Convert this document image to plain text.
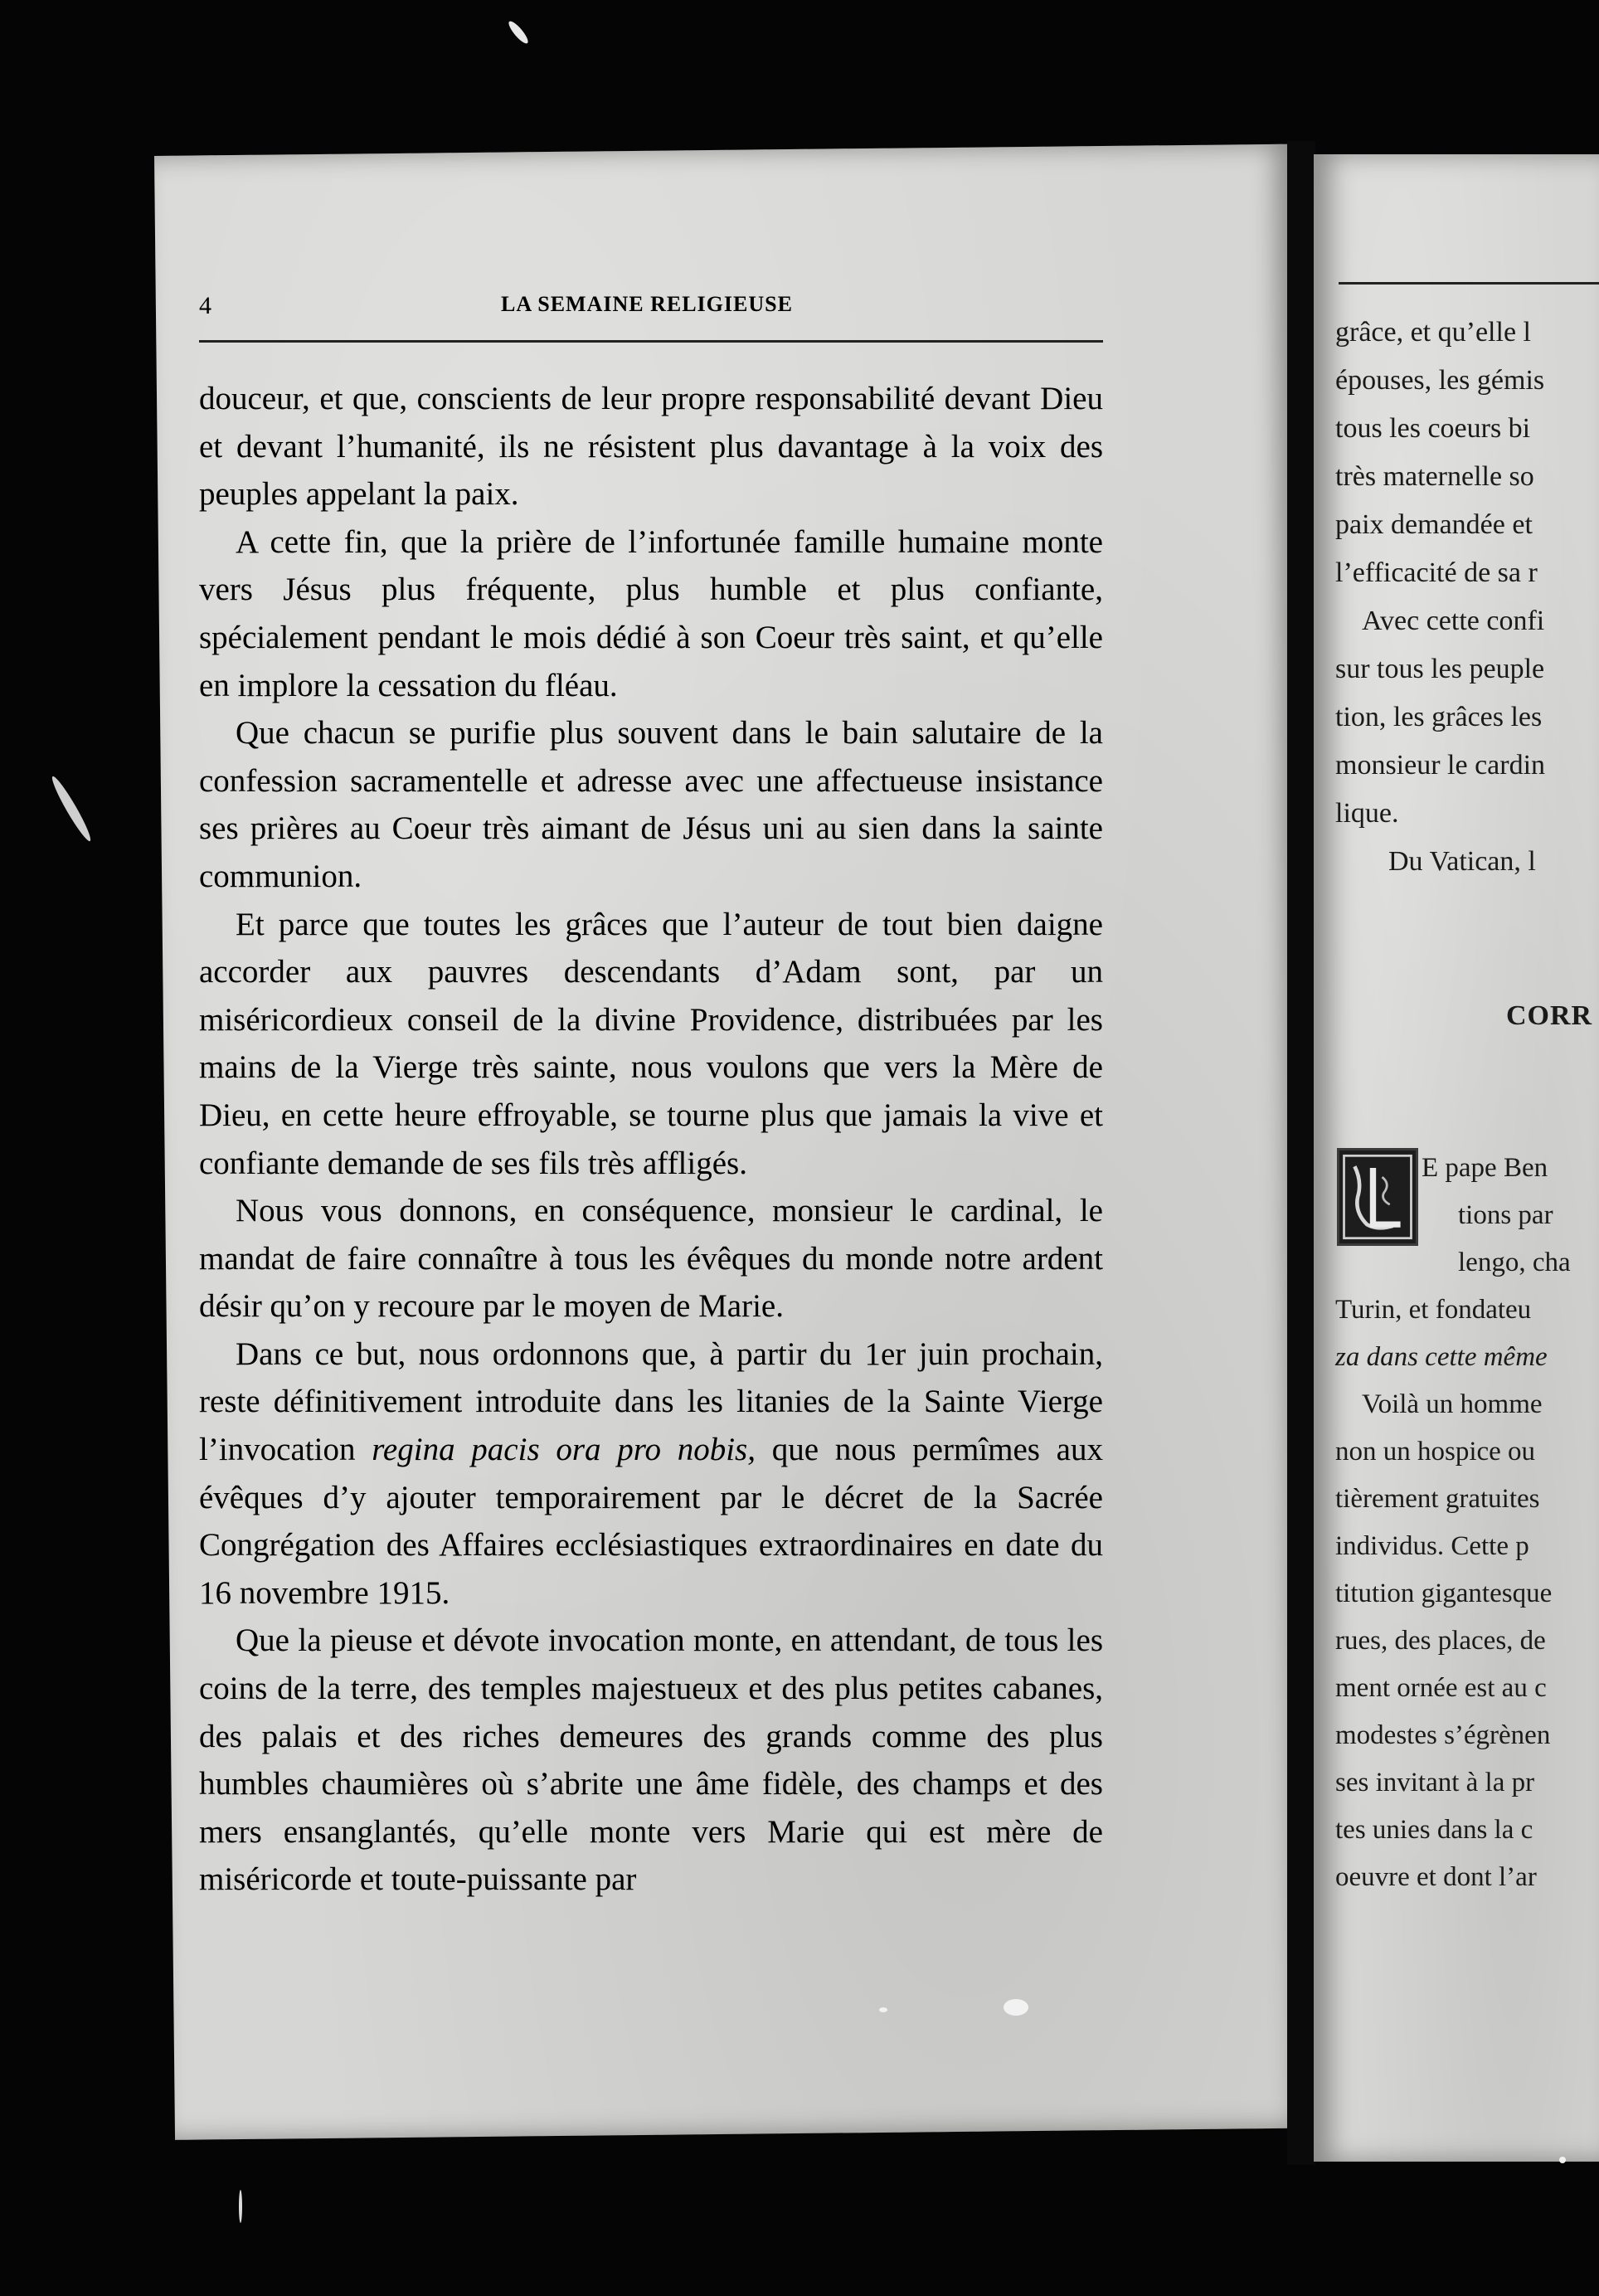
grâce, et qu’elle l
épouses, les gémis
tous les coeurs bi
très maternelle so
paix demandée et
l’efficacité de sa r
Avec cette confi
sur tous les peuple
tion, les grâces les
monsieur le cardin
lique.
Du Vatican, l
CORR
L
E pape Ben
tions par
lengo, cha
Turin, et fondateu
za dans cette même
Voilà un homme
non un hospice ou
tièrement gratuites
individus. Cette p
titution gigantesque
rues, des places, de
ment ornée est au c
modestes s’égrènen
ses invitant à la pr
tes unies dans la c
oeuvre et dont l’ar
4	LA SEMAINE RELIGIEUSE

douceur, et que, conscients de leur propre responsabilité devant Dieu et devant l’humanité, ils ne résistent plus davantage à la voix des peuples appelant la paix.

A cette fin, que la prière de l’infortunée famille humaine monte vers Jésus plus fréquente, plus humble et plus confiante, spécialement pendant le mois dédié à son Coeur très saint, et qu’elle en implore la cessation du fléau.

Que chacun se purifie plus souvent dans le bain salutaire de la confession sacramentelle et adresse avec une affectueuse insistance ses prières au Coeur très aimant de Jésus uni au sien dans la sainte communion.

Et parce que toutes les grâces que l’auteur de tout bien daigne accorder aux pauvres descendants d’Adam sont, par un miséricordieux conseil de la divine Providence, distribuées par les mains de la Vierge très sainte, nous voulons que vers la Mère de Dieu, en cette heure effroyable, se tourne plus que jamais la vive et confiante demande de ses fils très affligés.

Nous vous donnons, en conséquence, monsieur le cardinal, le mandat de faire connaître à tous les évêques du monde notre ardent désir qu’on y recoure par le moyen de Marie.

Dans ce but, nous ordonnons que, à partir du 1er juin prochain, reste définitivement introduite dans les litanies de la Sainte Vierge l’invocation regina pacis ora pro nobis, que nous permîmes aux évêques d’y ajouter temporairement par le décret de la Sacrée Congrégation des Affaires ecclésiastiques extraordinaires en date du 16 novembre 1915.

Que la pieuse et dévote invocation monte, en attendant, de tous les coins de la terre, des temples majestueux et des plus petites cabanes, des palais et des riches demeures des grands comme des plus humbles chaumières où s’abrite une âme fidèle, des champs et des mers ensanglantés, qu’elle monte vers Marie qui est mère de miséricorde et toute-puissante par
